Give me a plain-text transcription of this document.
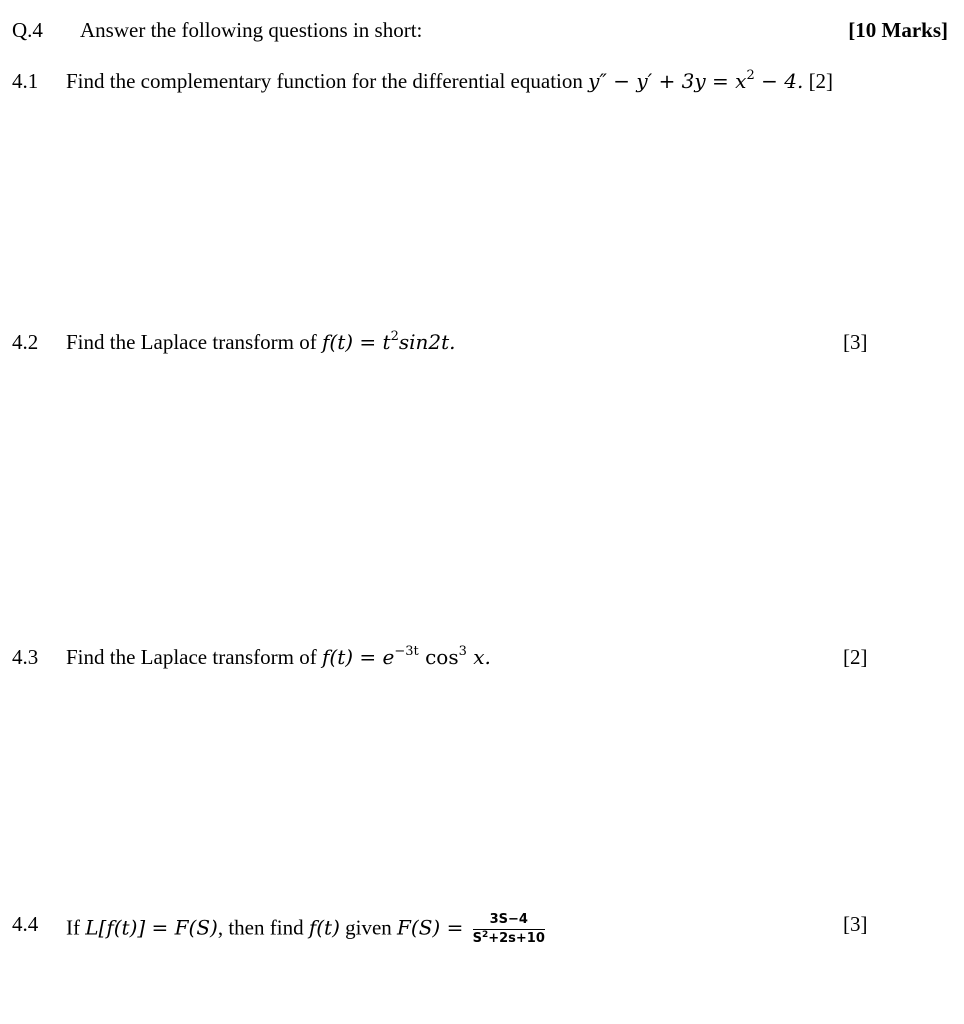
Q.4 Answer the following questions in short:	[10 Marks]
4.1 Find the complementary function for the differential equation $y'' - y' + 3y = x^2 - 4$. [2]
4.2 Find the Laplace transform of $f(t) = t^2\sin 2t$.	[3]
4.3 Find the Laplace transform of $f(t) = e^{-3t}$ $\cos^3 x$.	[2]
4.4 If L[f(t)] = F(S), then find f(t) given $F(S) = \frac{3S-4}{S^2+2s+10}$	[3]
